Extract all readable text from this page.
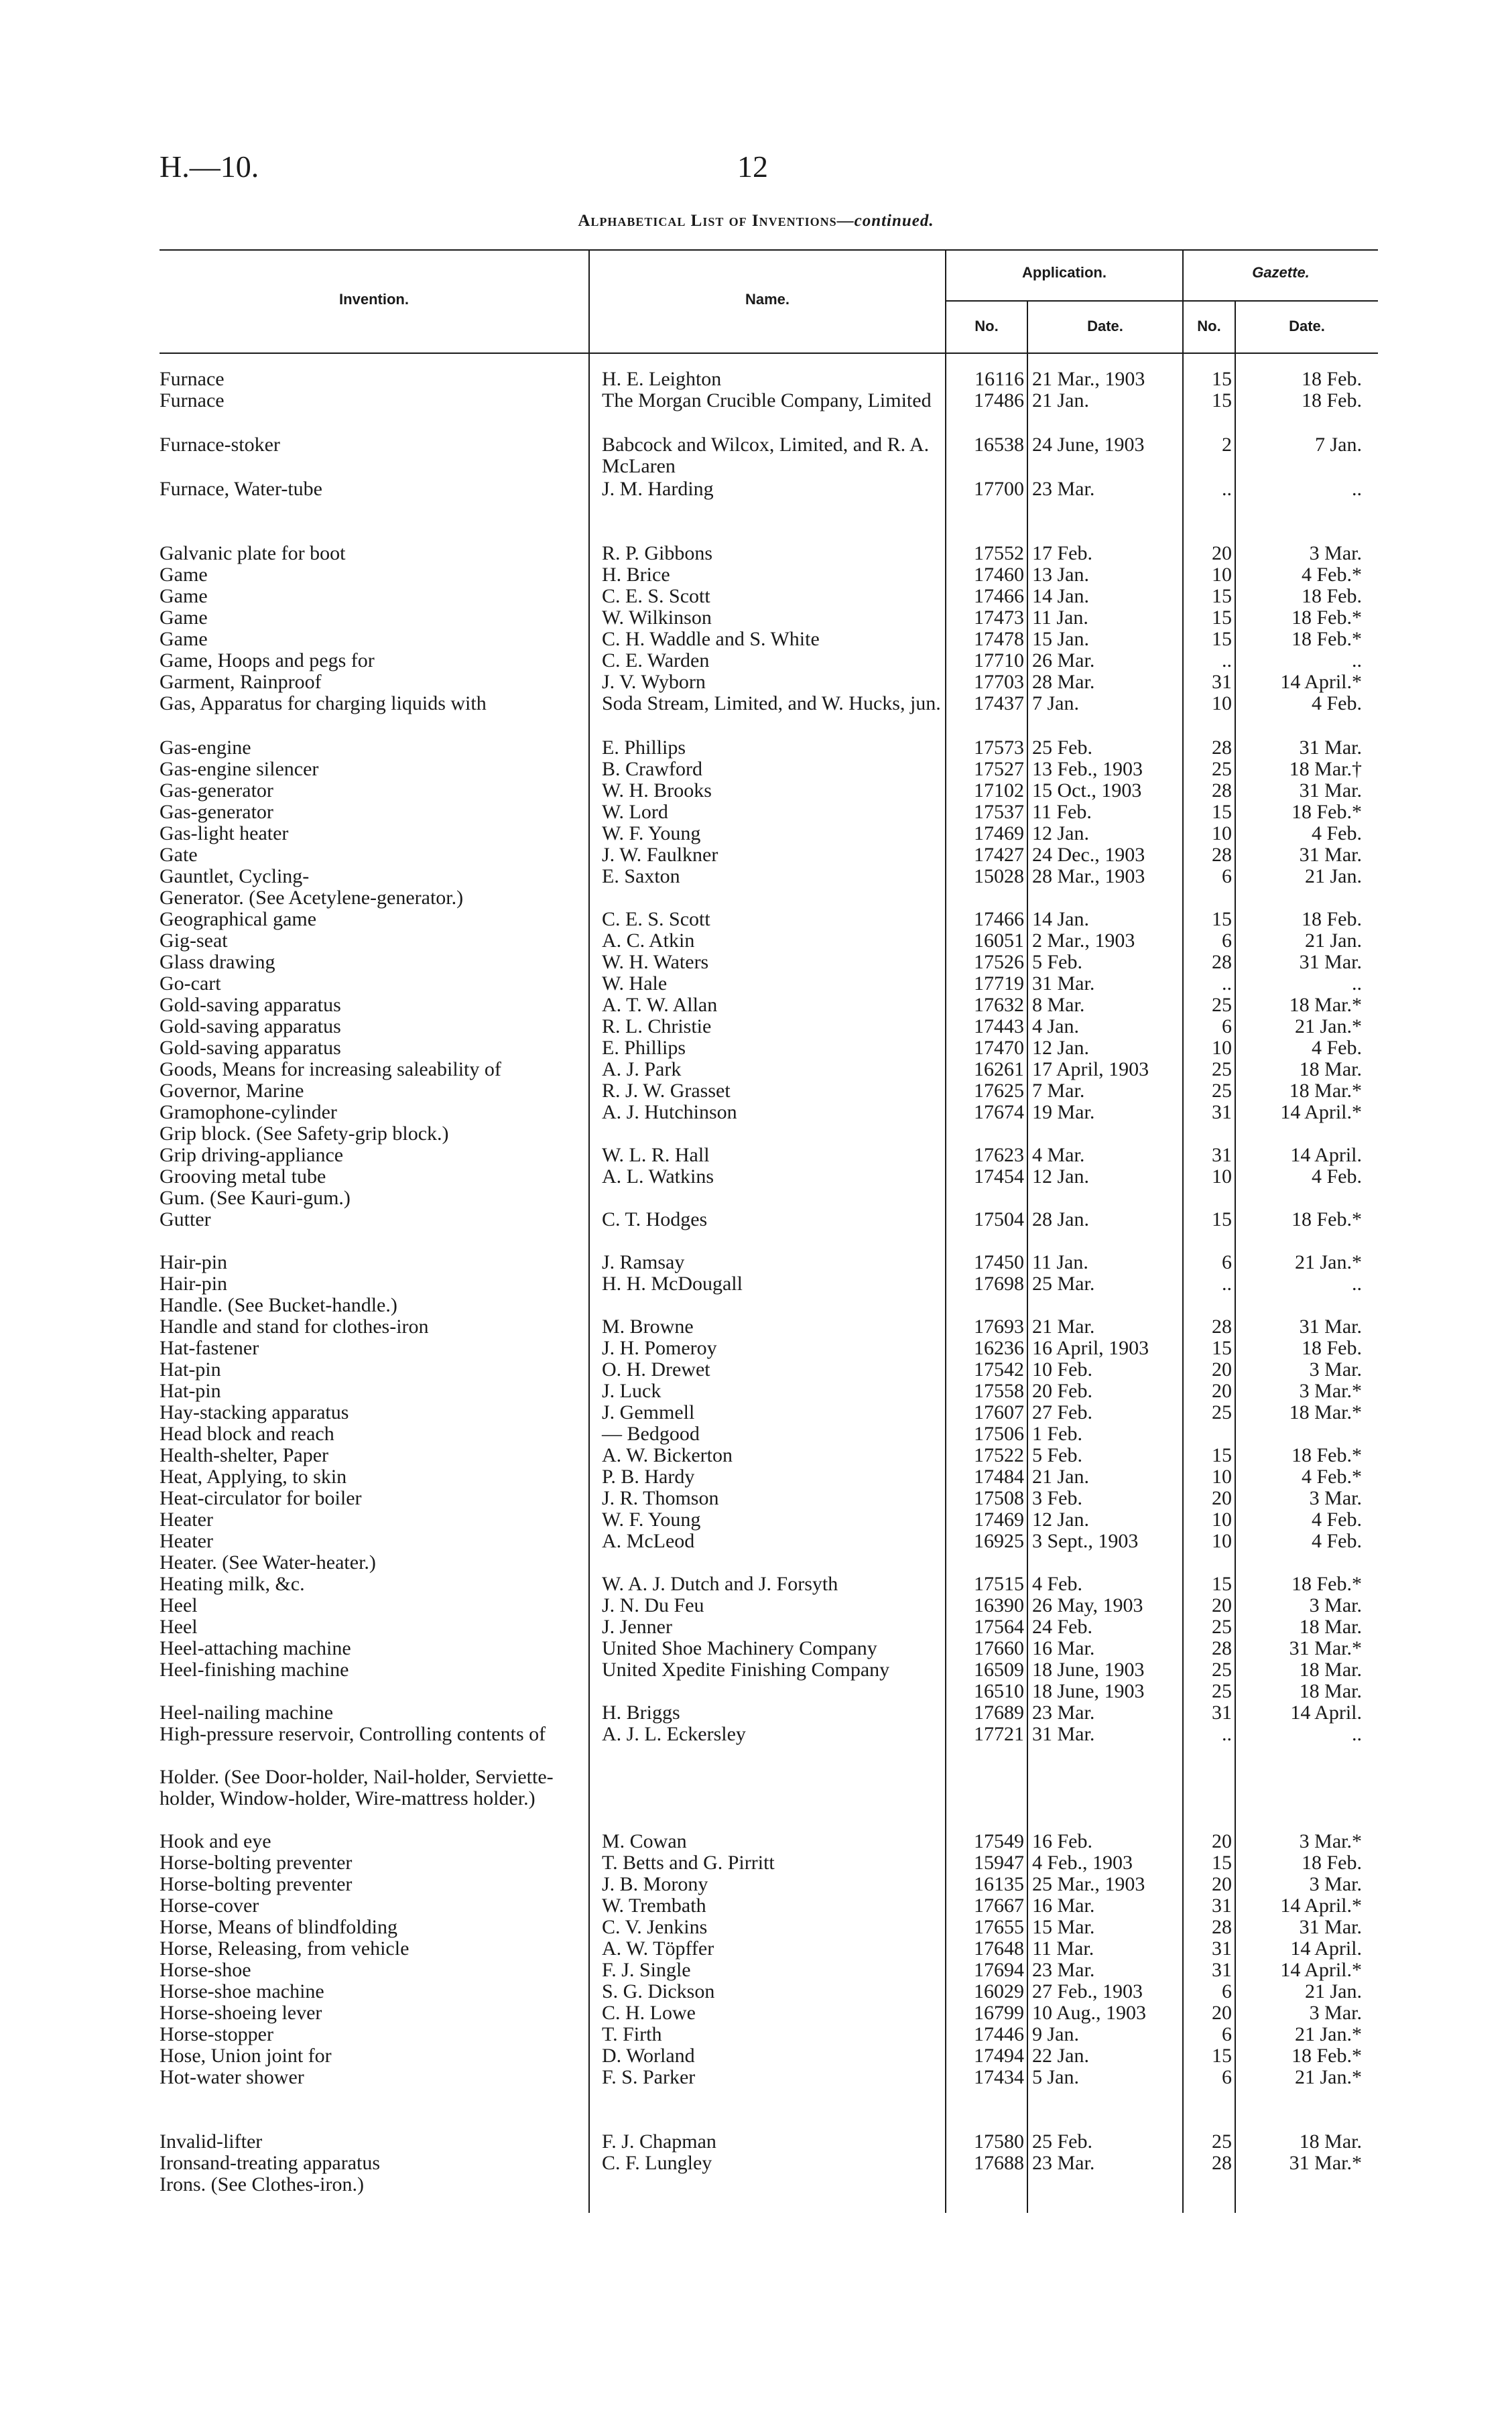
H.—10.	12
Alphabetical List of Inventions—continued.
Invention.	Name.
Application.	Gazette.
No.	Date.	No.	Date.
Furnace	H. E. Leighton	16116 21 Mar., 1903	15	18 Feb.
Furnace	The Morgan Crucible Company, Limited	17486 21 Jan.	15	18 Feb.
Furnace-stoker	Babcock and Wilcox, Limited, and R. A. McLaren
16538 24 June, 1903	2	7 Jan.
Furnace, Water-tube	J. M. Harding	17700 23 Mar.	..	..
Galvanic plate for boot	R. P. Gibbons	17552 17 Feb.	20	3 Mar.
Game	H. Brice	17460 13 Jan.	10	4 Feb.*
Game	C. E. S. Scott	17466 14 Jan.	15	18 Feb.
Game	W. Wilkinson	17473 11 Jan.	15	18 Feb.*
Game	C. H. Waddle and S. White	17478 15 Jan.	15	18 Feb.*
Game, Hoops and pegs for	C. E. Warden	17710 26 Mar.	..	..
Garment, Rainproof	J. V. Wyborn	17703 28 Mar.	31	14 April.*
Gas, Apparatus for charging liquids with	Soda Stream, Limited, and W. Hucks, jun.	17437 7 Jan.	10	4 Feb.
Gas-engine	E. Phillips	17573 25 Feb.	28	31 Mar.
Gas-engine silencer	B. Crawford	17527 13 Feb., 1903	25	18 Mar.†
Gas-generator	W. H. Brooks	17102 15 Oct., 1903	28	31 Mar.
Gas-generator	W. Lord	17537 11 Feb.	15	18 Feb.*
Gas-light heater	W. F. Young	17469 12 Jan.	10	4 Feb.
Gate	J. W. Faulkner	17427 24 Dec., 1903	28	31 Mar.
Gauntlet, Cycling-	E. Saxton	15028 28 Mar., 1903	6	21 Jan.
Generator. (See Acetylene-generator.)
Geographical game	C. E. S. Scott	17466 14 Jan.	15	18 Feb.
Gig-seat	A. C. Atkin	16051 2 Mar., 1903	6	21 Jan.
Glass drawing	W. H. Waters	17526 5 Feb.	28	31 Mar.
Go-cart	W. Hale	17719 31 Mar.	..	..
Gold-saving apparatus	A. T. W. Allan	17632 8 Mar.	25	18 Mar.*
Gold-saving apparatus	R. L. Christie	17443 4 Jan.	6	21 Jan.*
Gold-saving apparatus	E. Phillips	17470 12 Jan.	10	4 Feb.
Goods, Means for increasing saleability of	A. J. Park	16261 17 April, 1903	25	18 Mar.
Governor, Marine	R. J. W. Grasset	17625 7 Mar.	25	18 Mar.*
Gramophone-cylinder	A. J. Hutchinson	17674 19 Mar.	31	14 April.*
Grip block. (See Safety-grip block.)
Grip driving-appliance	W. L. R. Hall	17623 4 Mar.	31	14 April.
Grooving metal tube	A. L. Watkins	17454 12 Jan.	10	4 Feb.
Gum. (See Kauri-gum.)
Gutter	C. T. Hodges	17504 28 Jan.	15	18 Feb.*
Hair-pin	J. Ramsay	17450 11 Jan.	6	21 Jan.*
Hair-pin	H. H. McDougall	17698 25 Mar.	..	..
Handle. (See Bucket-handle.)
Handle and stand for clothes-iron	M. Browne	17693 21 Mar.	28	31 Mar.
Hat-fastener	J. H. Pomeroy	16236 16 April, 1903	15	18 Feb.
Hat-pin	O. H. Drewet	17542 10 Feb.	20	3 Mar.
Hat-pin	J. Luck	17558 20 Feb.	20	3 Mar.*
Hay-stacking apparatus	J. Gemmell	17607 27 Feb.	25	18 Mar.*
Head block and reach	— Bedgood	17506 1 Feb.
Health-shelter, Paper	A. W. Bickerton	17522 5 Feb.	15	18 Feb.*
Heat, Applying, to skin	P. B. Hardy	17484 21 Jan.	10	4 Feb.*
Heat-circulator for boiler	J. R. Thomson	17508 3 Feb.	20	3 Mar.
Heater	W. F. Young	17469 12 Jan.	10	4 Feb.
Heater	A. McLeod	16925 3 Sept., 1903	10	4 Feb.
Heater. (See Water-heater.)
Heating milk, &c.	W. A. J. Dutch and J. Forsyth	17515 4 Feb.	15	18 Feb.*
Heel	J. N. Du Feu	16390 26 May, 1903	20	3 Mar.
Heel	J. Jenner	17564 24 Feb.	25	18 Mar.
Heel-attaching machine	United Shoe Machinery Company	17660 16 Mar.	28	31 Mar.*
Heel-finishing machine	United Xpedite Finishing Company	16509 18 June, 1903	25	18 Mar.
16510 18 June, 1903	25	18 Mar.
Heel-nailing machine	H. Briggs	17689 23 Mar.	31	14 April.
High-pressure reservoir, Controlling contents of	A. J. L. Eckersley	17721 31 Mar.	..	..
Holder. (See Door-holder, Nail-holder, Serviette-holder, Window-holder, Wire-mattress holder.)
Hook and eye	M. Cowan	17549 16 Feb.	20	3 Mar.*
Horse-bolting preventer	T. Betts and G. Pirritt	15947 4 Feb., 1903	15	18 Feb.
Horse-bolting preventer	J. B. Morony	16135 25 Mar., 1903	20	3 Mar.
Horse-cover	W. Trembath	17667 16 Mar.	31	14 April.*
Horse, Means of blindfolding	C. V. Jenkins	17655 15 Mar.	28	31 Mar.
Horse, Releasing, from vehicle	A. W. Töpffer	17648 11 Mar.	31	14 April.
Horse-shoe	F. J. Single	17694 23 Mar.	31	14 April.*
Horse-shoe machine	S. G. Dickson	16029 27 Feb., 1903	6	21 Jan.
Horse-shoeing lever	C. H. Lowe	16799 10 Aug., 1903	20	3 Mar.
Horse-stopper	T. Firth	17446 9 Jan.	6	21 Jan.*
Hose, Union joint for	D. Worland	17494 22 Jan.	15	18 Feb.*
Hot-water shower	F. S. Parker	17434 5 Jan.	6	21 Jan.*
Invalid-lifter	F. J. Chapman	17580 25 Feb.	25	18 Mar.
Ironsand-treating apparatus	C. F. Lungley	17688 23 Mar.	28	31 Mar.*
Irons. (See Clothes-iron.)
